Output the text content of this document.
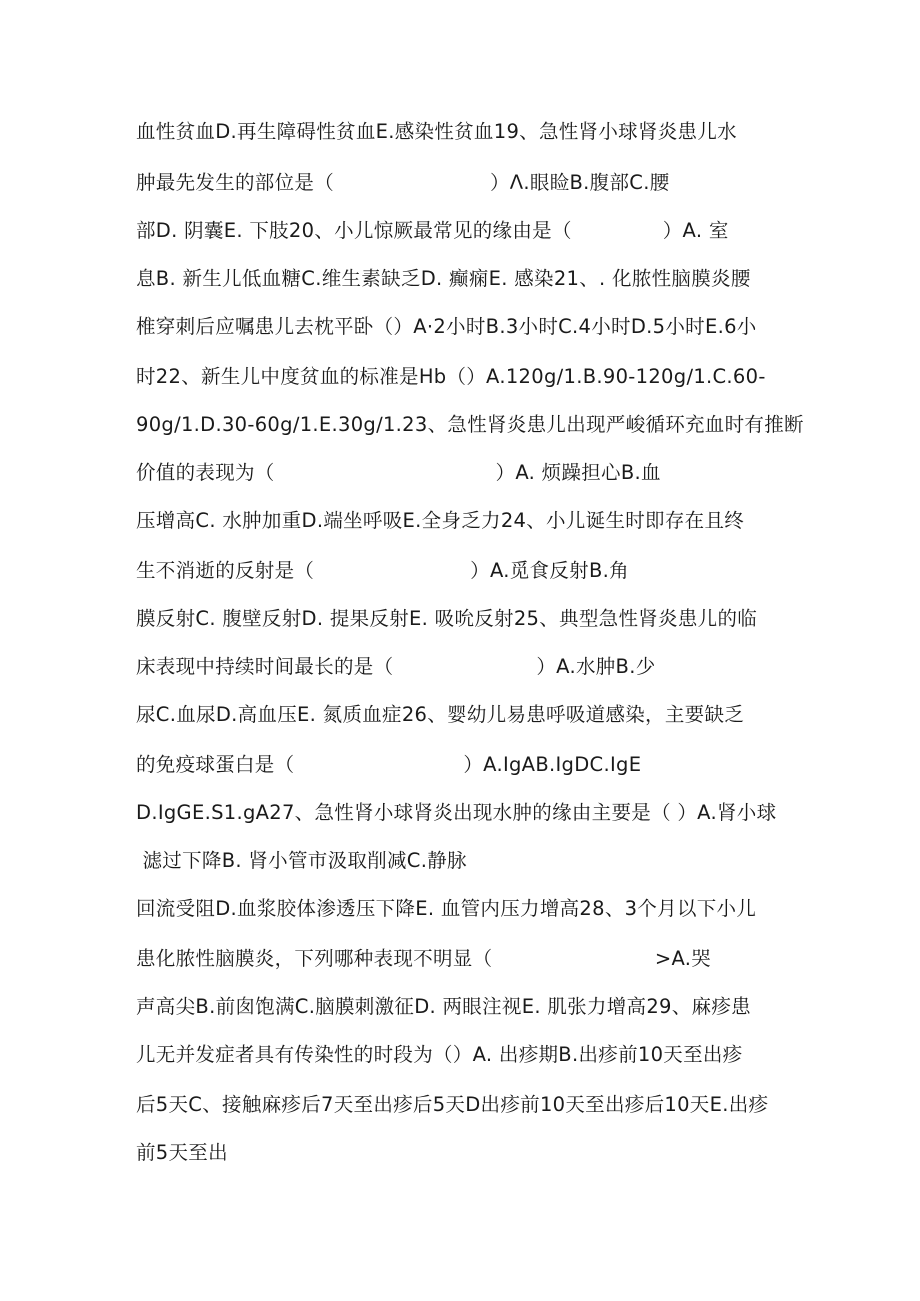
血性贫血D.再生障碍性贫血E.感染性贫血19、急性肾小球肾炎患儿水
肿最先发生的部位是（                        ）Λ.眼睑B.腹部C.腰
部D. 阴囊E. 下肢20、小儿惊厥最常见的缘由是（              ）A. 室
息B. 新生儿低血糖C.维生素缺乏D. 癫痫E. 感染21、. 化脓性脑膜炎腰
椎穿刺后应嘱患儿去枕平卧（）A·2小时B.3小时C.4小时D.5小时E.6小
时22、新生儿中度贫血的标准是Hb（）A.120g∕1.B.90-120g∕1.C.60-
90g/1.D.30-60g∕1.E.30g∕1.23、急性肾炎患儿出现严峻循环充血时有推断
价值的表现为（                                  ）A. 烦躁担心B.血
压增高C. 水肿加重D.端坐呼吸E.全身乏力24、小儿诞生时即存在且终
生不消逝的反射是（                        ）A.觅食反射B.角
膜反射C. 腹壁反射D. 提果反射E. 吸吮反射25、典型急性肾炎患儿的临
床表现中持续时间最长的是（                      ）A.水肿B.少
尿C.血尿D.高血压E. 氮质血症26、婴幼儿易患呼吸道感染，主要缺乏
的免疫球蛋白是（                          ）A.IgAB.IgDC.IgE
D.IgGE.S1.gA27、急性肾小球肾炎出现水肿的缘由主要是（ ）A.肾小球
滤过下降B. 肾小管市汲取削减C.静脉
回流受阻D.血浆胶体渗透压下降E. 血管内压力增高28、3个月以下小儿
患化脓性脑膜炎，下列哪种表现不明显（                         >A.哭
声高尖B.前囱饱满C.脑膜刺激征D. 两眼注视E. 肌张力增高29、麻疹患
儿无并发症者具有传染性的时段为（）A. 出疹期B.出疹前10天至出疹
后5天C、接触麻疹后7天至出疹后5天D出疹前10天至出疹后10天E.出疹
前5天至出
